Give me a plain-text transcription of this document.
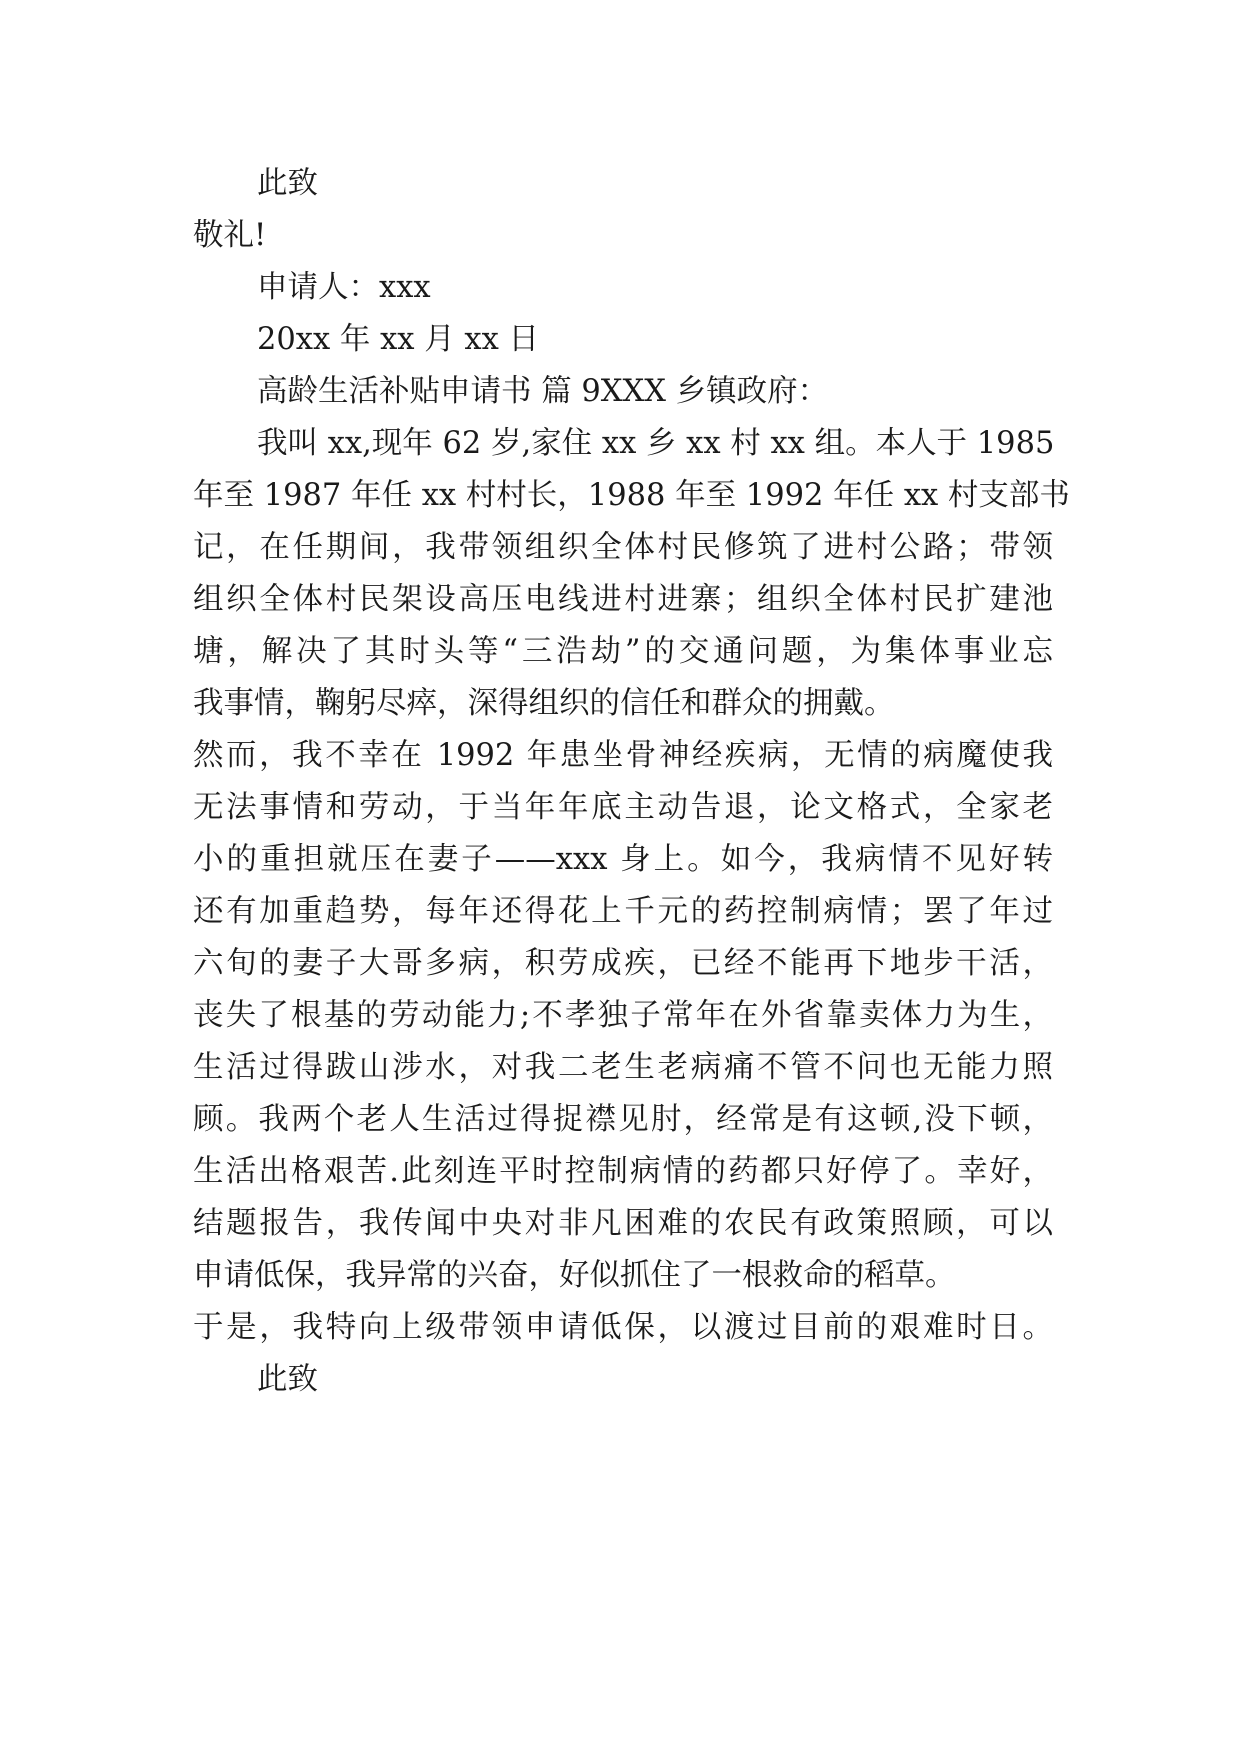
此致
敬礼!
申请人：xxx
20xx 年 xx 月 xx 日
高龄生活补贴申请书 篇 9XXX 乡镇政府：
我叫 xx,现年 62 岁,家住 xx 乡 xx 村 xx 组。本人于 1985
年至 1987 年任 xx 村村长，1988 年至 1992 年任 xx 村支部书
记，在任期间，我带领组织全体村民修筑了进村公路；带领
组织全体村民架设高压电线进村进寨；组织全体村民扩建池
塘，解决了其时头等“三浩劫”的交通问题，为集体事业忘
我事情，鞠躬尽瘁，深得组织的信任和群众的拥戴。
然而，我不幸在 1992 年患坐骨神经疾病，无情的病魔使我
无法事情和劳动，于当年年底主动告退，论文格式，全家老
小的重担就压在妻子——xxx 身上。如今，我病情不见好转
还有加重趋势，每年还得花上千元的药控制病情；罢了年过
六旬的妻子大哥多病，积劳成疾，已经不能再下地步干活，
丧失了根基的劳动能力;不孝独子常年在外省靠卖体力为生，
生活过得跋山涉水，对我二老生老病痛不管不问也无能力照
顾。我两个老人生活过得捉襟见肘，经常是有这顿,没下顿，
生活出格艰苦.此刻连平时控制病情的药都只好停了。幸好，
结题报告，我传闻中央对非凡困难的农民有政策照顾，可以
申请低保，我异常的兴奋，好似抓住了一根救命的稻草。
于是，我特向上级带领申请低保，以渡过目前的艰难时日。
此致
